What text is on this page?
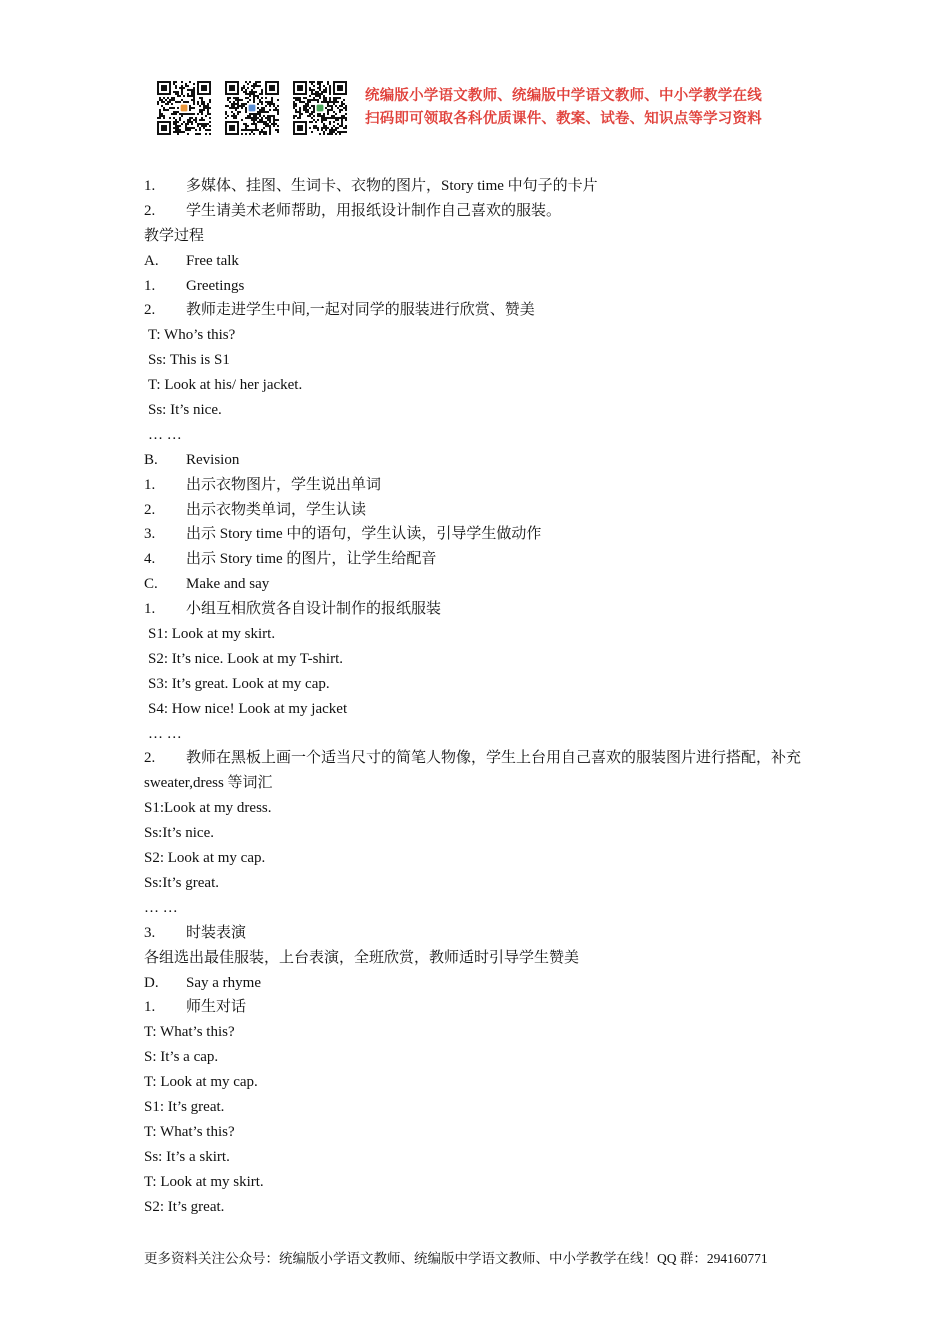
统编版小学语文教师、统编版中学语文教师、中小学教学在线
扫码即可领取各科优质课件、教案、试卷、知识点等学习资料
1. 多媒体、挂图、生词卡、衣物的图片，Story time 中句子的卡片
2. 学生请美术老师帮助，用报纸设计制作自己喜欢的服装。
教学过程
A. Free talk
1. Greetings
2. 教师走进学生中间,一起对同学的服装进行欣赏、赞美
T: Who’s this?
Ss: This is S1
T: Look at his/ her jacket.
Ss: It’s nice.
… …
B. Revision
1. 出示衣物图片，学生说出单词
2. 出示衣物类单词，学生认读
3. 出示 Story time 中的语句，学生认读，引导学生做动作
4. 出示 Story time 的图片，让学生给配音
C. Make and say
1. 小组互相欣赏各自设计制作的报纸服装
S1: Look at my skirt.
S2: It’s nice. Look at my T-shirt.
S3: It’s great. Look at my cap.
S4: How nice! Look at my jacket
… …
2. 教师在黑板上画一个适当尺寸的简笔人物像，学生上台用自己喜欢的服装图片进行搭配，补充 sweater,dress 等词汇
S1:Look at my dress.
Ss:It’s nice.
S2: Look at my cap.
Ss:It’s great.
… …
3. 时装表演
各组选出最佳服装，上台表演，全班欣赏，教师适时引导学生赞美
D. Say a rhyme
1. 师生对话
T: What’s this?
S: It’s a cap.
T: Look at my cap.
S1: It’s great.
T: What’s this?
Ss: It’s a skirt.
T: Look at my skirt.
S2: It’s great.
更多资料关注公众号：统编版小学语文教师、统编版中学语文教师、中小学教学在线！QQ 群：294160771
